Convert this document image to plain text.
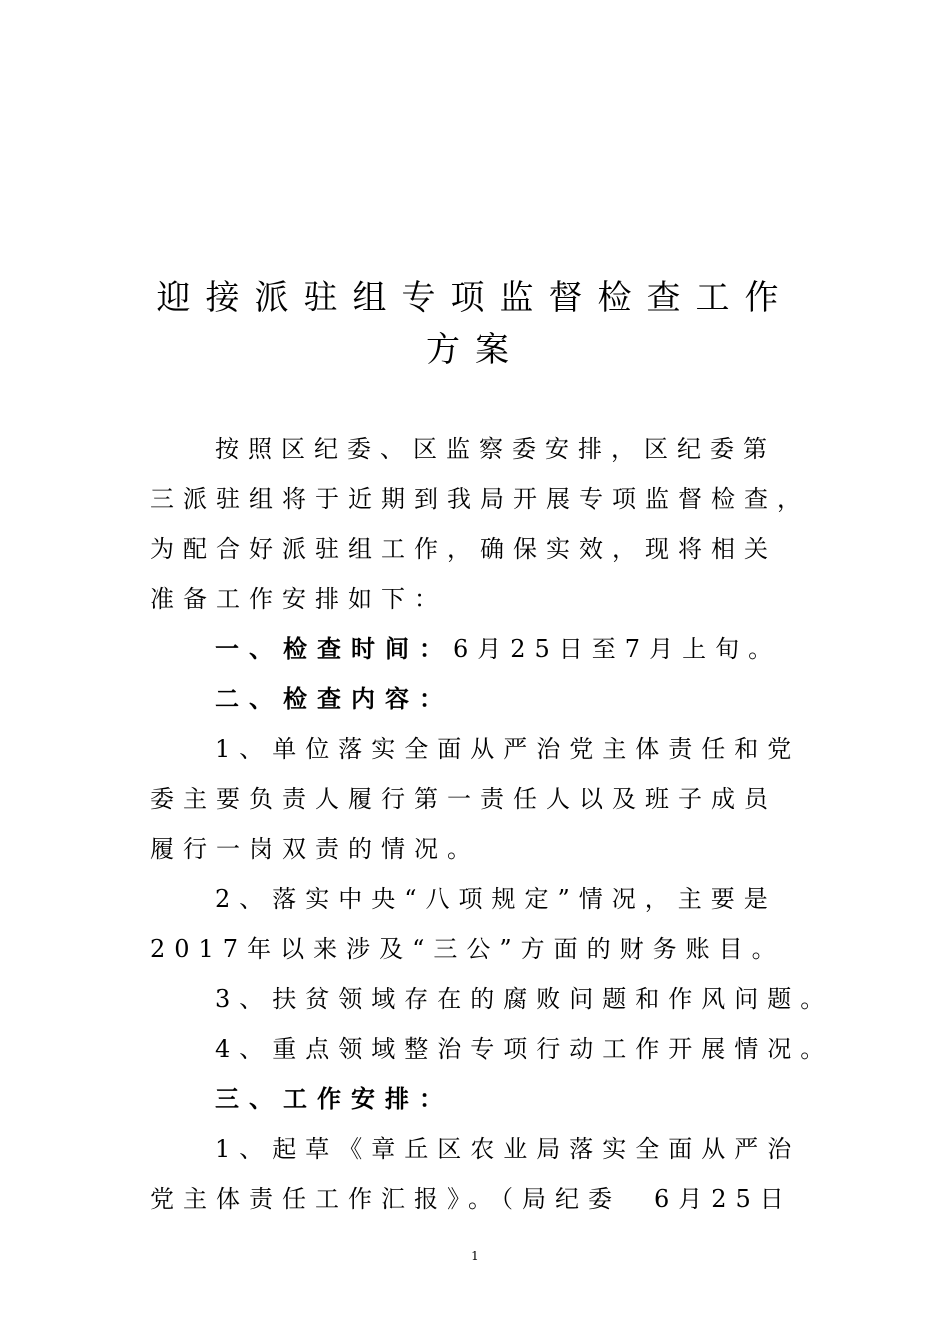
迎接派驻组专项监督检查工作
方案
按照区纪委、区监察委安排，区纪委第
三派驻组将于近期到我局开展专项监督检查，
为配合好派驻组工作，确保实效，现将相关
准备工作安排如下：
一、检查时间：6月25日至7月上旬。
二、检查内容：
1、单位落实全面从严治党主体责任和党
委主要负责人履行第一责任人以及班子成员
履行一岗双责的情况。
2、落实中央“八项规定”情况，主要是
2017年以来涉及“三公”方面的财务账目。
3、扶贫领域存在的腐败问题和作风问题。
4、重点领域整治专项行动工作开展情况。
三、工作安排：
1、起草《章丘区农业局落实全面从严治
党主体责任工作汇报》。（局纪委　6月25日
1
